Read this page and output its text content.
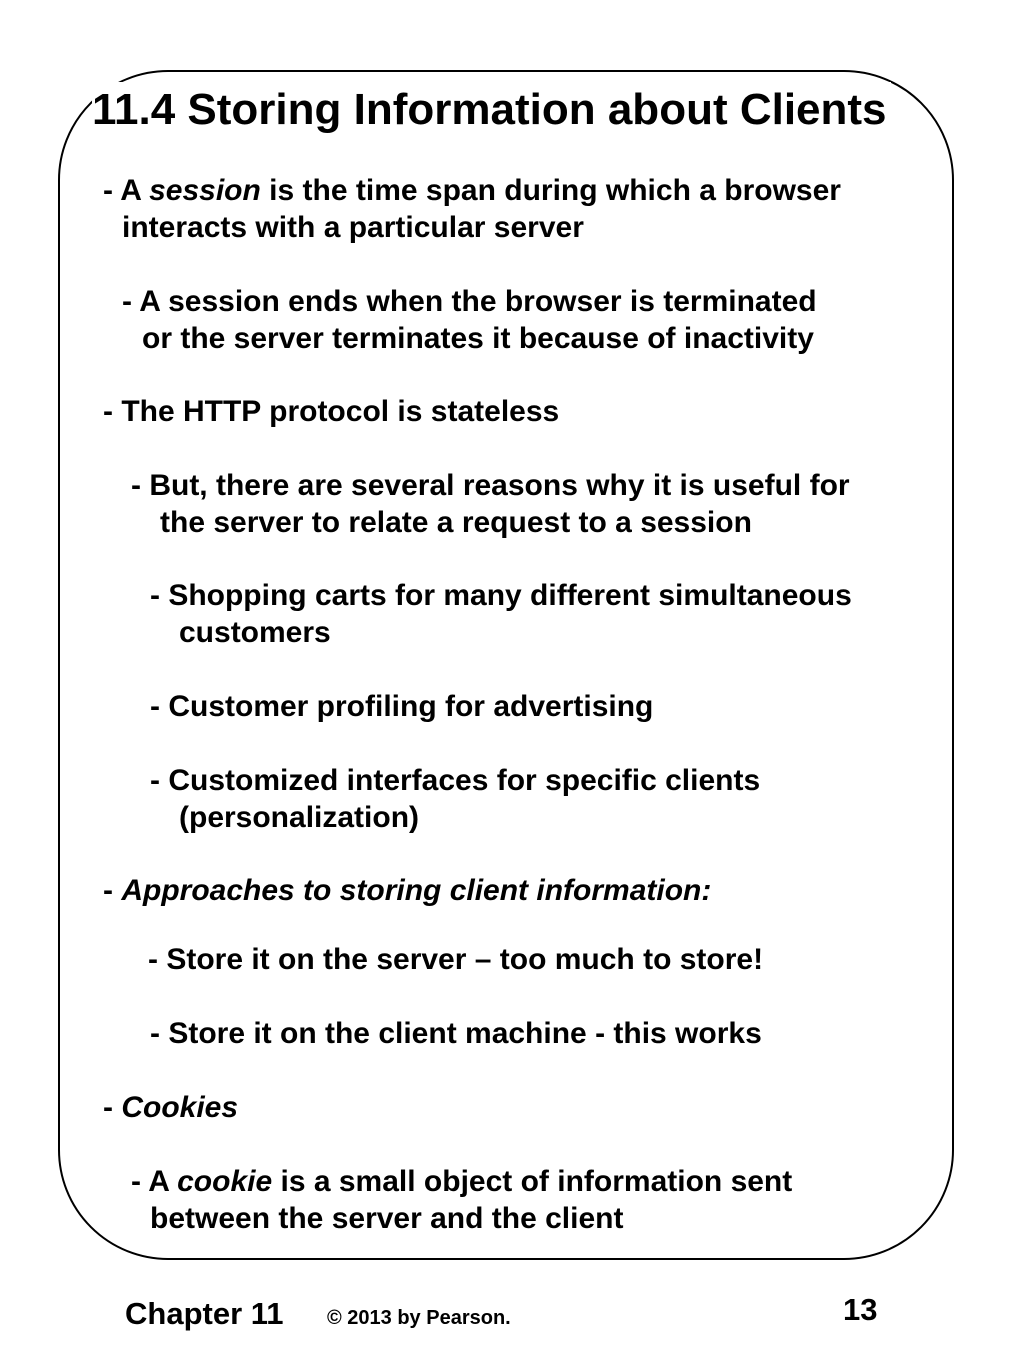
11.4 Storing Information about Clients
- A session is the time span during which a browser
interacts with a particular server
- A session ends when the browser is terminated
or the server terminates it because of inactivity
- The HTTP protocol is stateless
- But, there are several reasons why it is useful for
the server to relate a request to a session
- Shopping carts for many different simultaneous
customers
- Customer profiling for advertising
- Customized interfaces for specific clients
(personalization)
- Approaches to storing client information:
- Store it on the server – too much to store!
- Store it on the client machine - this works
- Cookies
- A cookie is a small object of information sent
between the server and the client
Chapter 11 © 2013 by Pearson.	13
